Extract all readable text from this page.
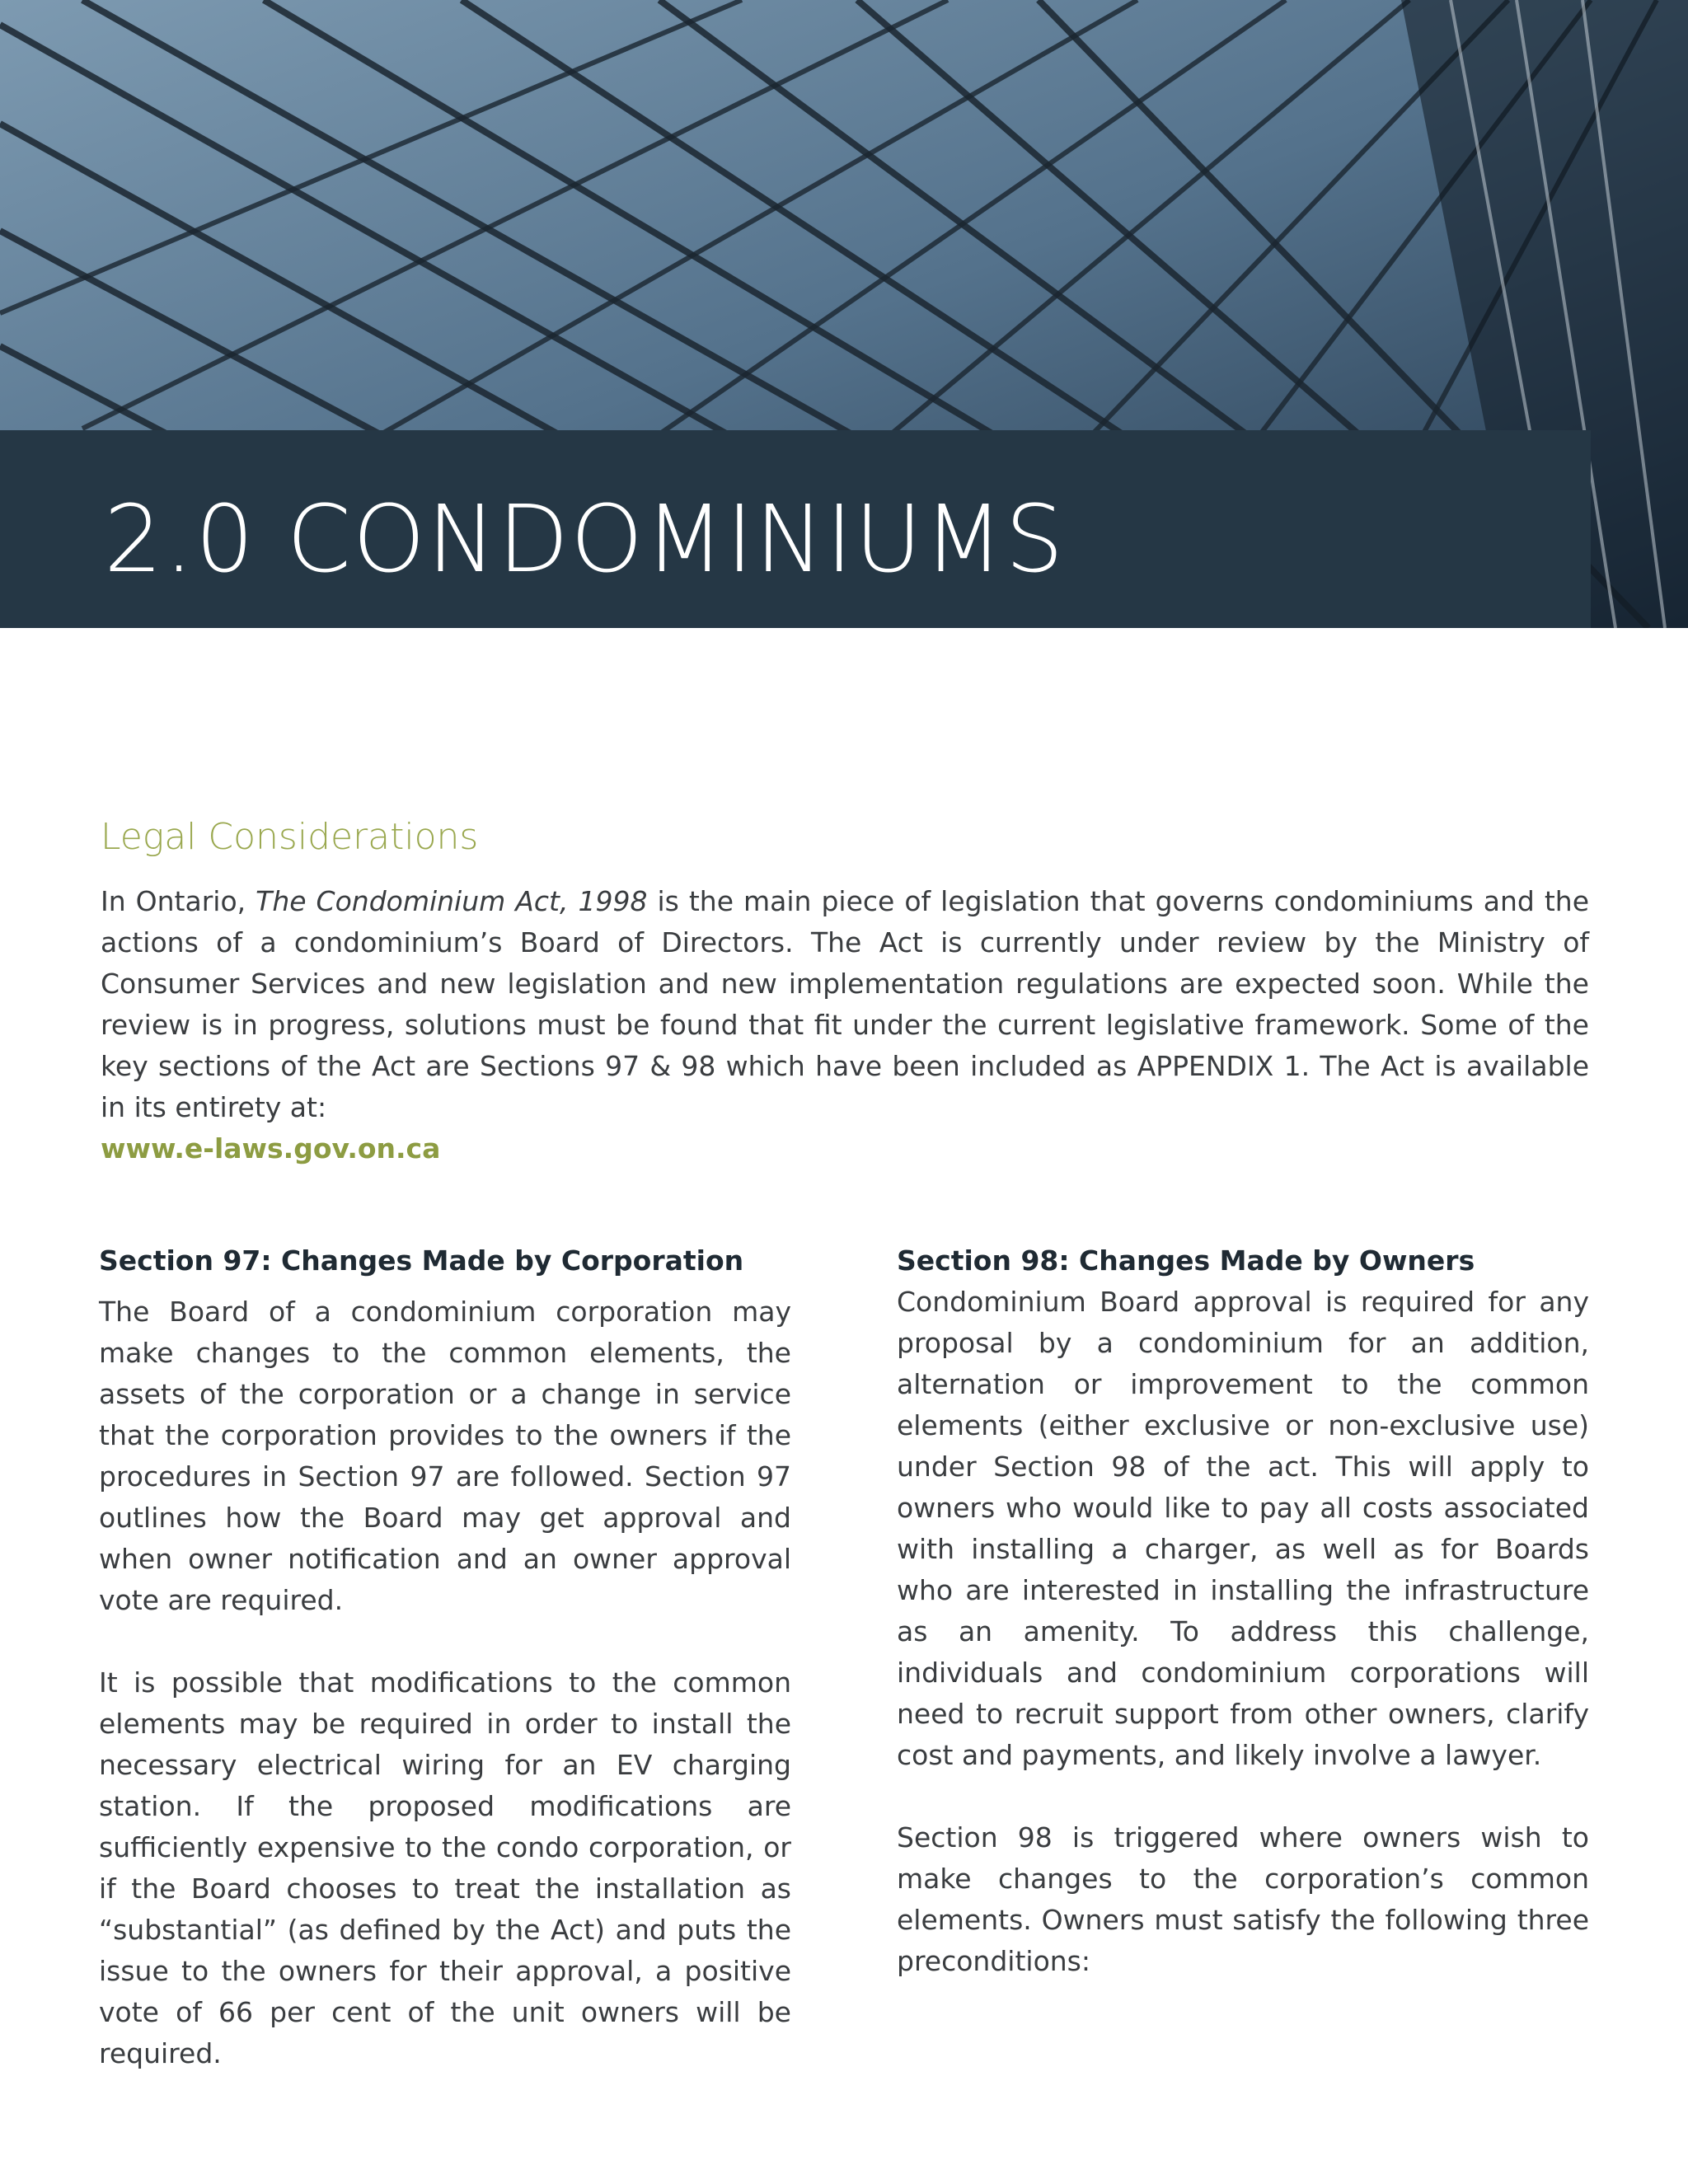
2.0 CONDOMINIUMS
Legal Considerations

In Ontario, The Condominium Act, 1998 is the main piece of legislation that governs condominiums and the actions of a condominium’s Board of Directors. The Act is currently under review by the Ministry of Consumer Services and new legislation and new implementation regulations are expected soon. While the review is in progress, solutions must be found that fit under the current legislative framework. Some of the key sections of the Act are Sections 97 & 98 which have been included as APPENDIX 1. The Act is available in its entirety at:

www.e-laws.gov.on.ca
Section 97: Changes Made by Corporation

The Board of a condominium corporation may make changes to the common elements, the assets of the corporation or a change in service that the corporation provides to the owners if the procedures in Section 97 are followed. Section 97 outlines how the Board may get approval and when owner notification and an owner approval vote are required.

It is possible that modifications to the common elements may be required in order to install the necessary electrical wiring for an EV charging station. If the proposed modifications are sufficiently expensive to the condo corporation, or if the Board chooses to treat the installation as “substantial” (as defined by the Act) and puts the issue to the owners for their approval, a positive vote of 66 per cent of the unit owners will be required.

Section 98: Changes Made by Owners

Condominium Board approval is required for any proposal by a condominium for an addition, alternation or improvement to the common elements (either exclusive or non-exclusive use) under Section 98 of the act. This will apply to owners who would like to pay all costs associated with installing a charger, as well as for Boards who are interested in installing the infrastructure as an amenity. To address this challenge, individuals and condominium corporations will need to recruit support from other owners, clarify cost and payments, and likely involve a lawyer.

Section 98 is triggered where owners wish to make changes to the corporation’s common elements. Owners must satisfy the following three preconditions:
